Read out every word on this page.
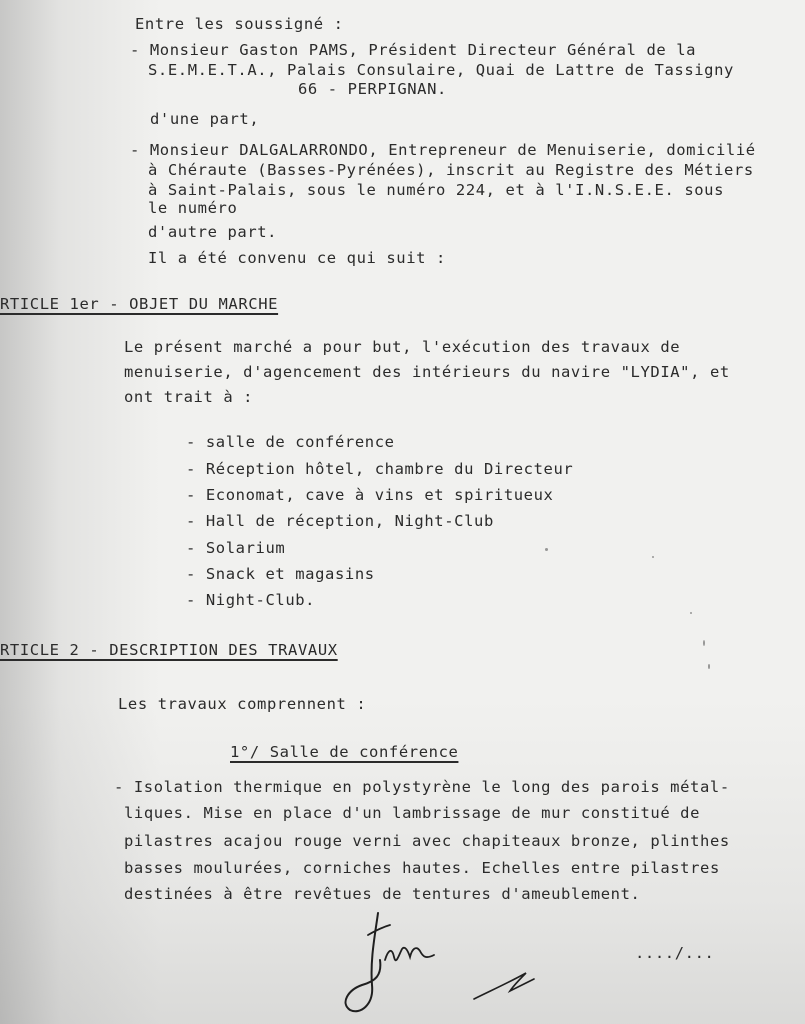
Entre les soussigné :
- Monsieur Gaston PAMS, Président Directeur Général de la
S.E.M.E.T.A., Palais Consulaire, Quai de Lattre de Tassigny
66 - PERPIGNAN.
d'une part,
- Monsieur DALGALARRONDO, Entrepreneur de Menuiserie, domicilié
à Chéraute (Basses-Pyrénées), inscrit au Registre des Métiers
à Saint-Palais, sous le numéro 224, et à l'I.N.S.E.E. sous
le numéro
d'autre part.
Il a été convenu ce qui suit :
RTICLE 1er - OBJET DU MARCHE
Le présent marché a pour but, l'exécution des travaux de
menuiserie, d'agencement des intérieurs du navire "LYDIA", et
ont trait à :
- salle de conférence
- Réception hôtel, chambre du Directeur
- Economat, cave à vins et spiritueux
- Hall de réception, Night-Club
- Solarium
- Snack et magasins
- Night-Club.
RTICLE 2 - DESCRIPTION DES TRAVAUX
Les travaux comprennent :
1°/ Salle de conférence
- Isolation thermique en polystyrène le long des parois métal-
liques. Mise en place d'un lambrissage de mur constitué de
pilastres acajou rouge verni avec chapiteaux bronze, plinthes
basses moulurées, corniches hautes. Echelles entre pilastres
destinées à être revêtues de tentures d'ameublement.
..../...
